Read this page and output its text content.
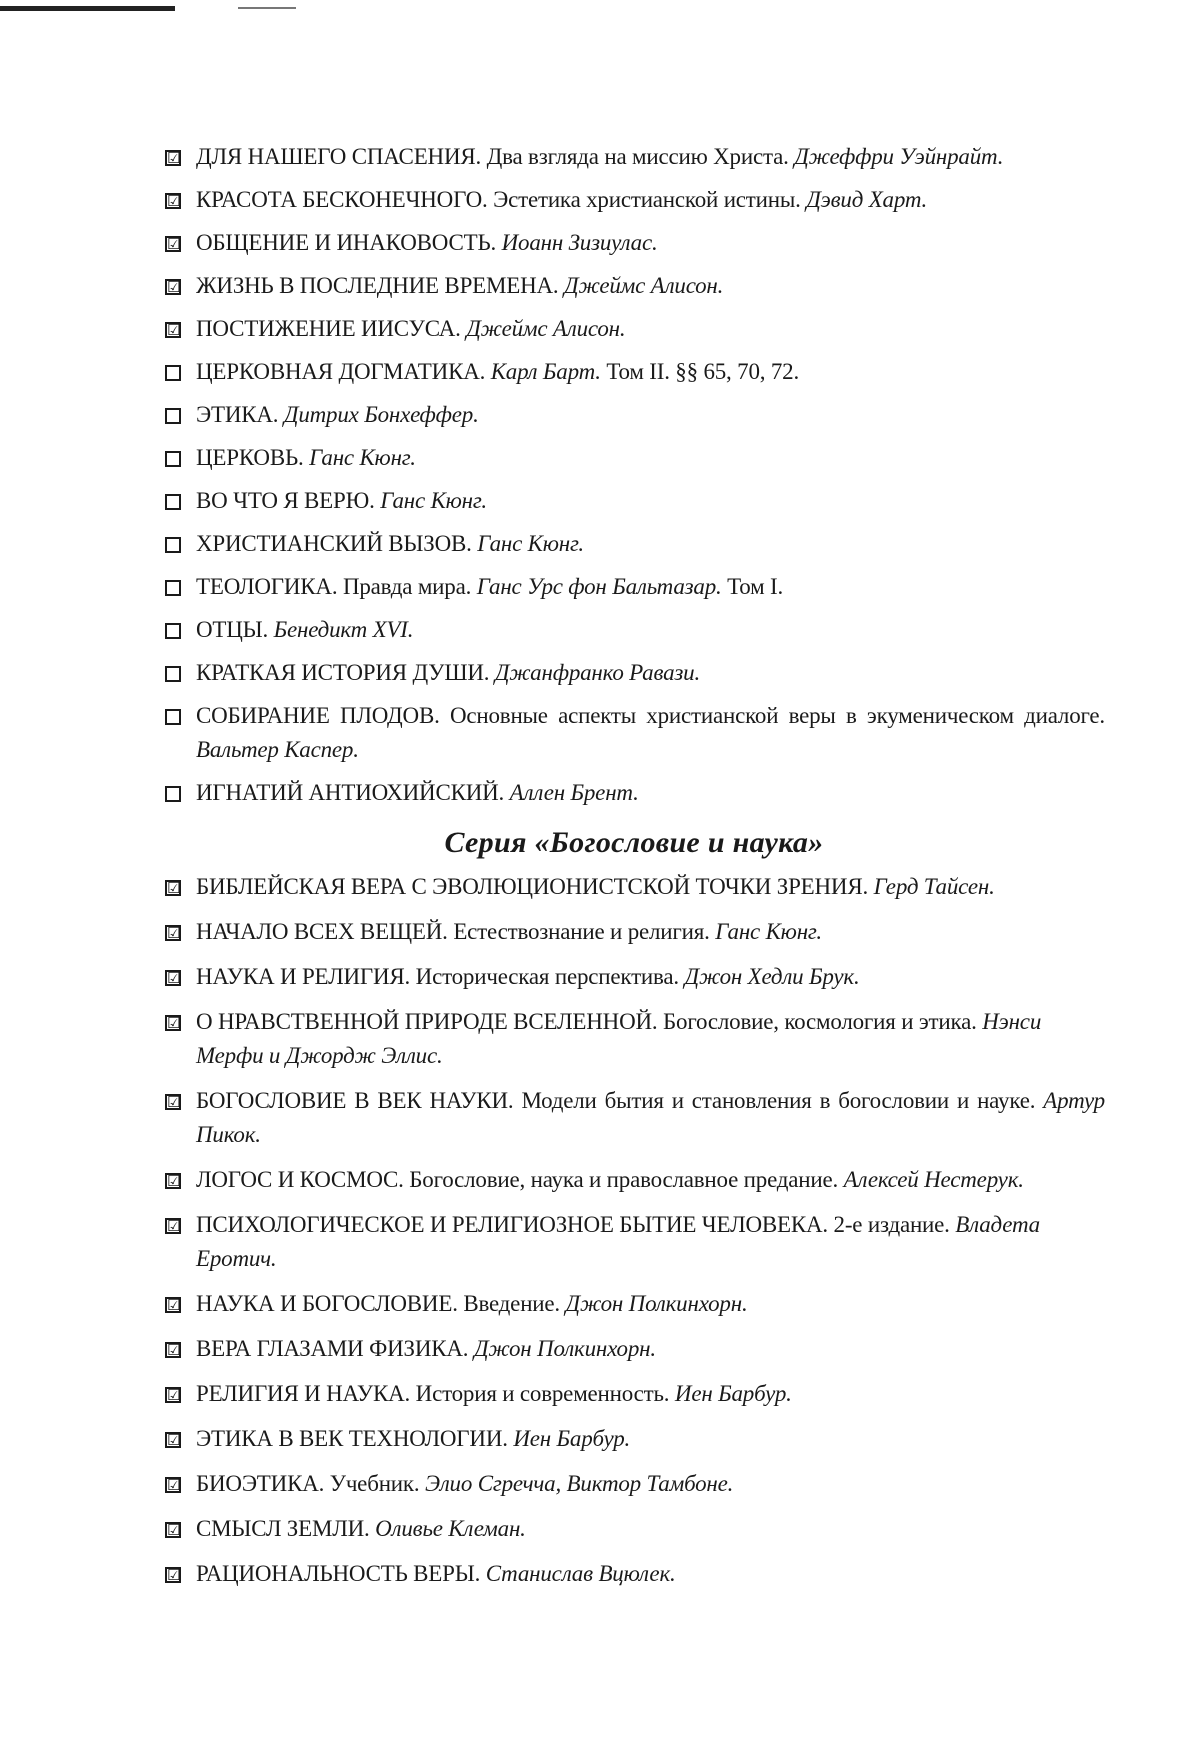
☑ ДЛЯ НАШЕГО СПАСЕНИЯ. Два взгляда на миссию Христа. Джеффри Уэйнрайт.
☑ КРАСОТА БЕСКОНЕЧНОГО. Эстетика христианской истины. Дэвид Харт.
☑ ОБЩЕНИЕ И ИНАКОВОСТЬ. Иоанн Зизиулас.
☑ ЖИЗНЬ В ПОСЛЕДНИЕ ВРЕМЕНА. Джеймс Алисон.
☑ ПОСТИЖЕНИЕ ИИСУСА. Джеймс Алисон.
ЦЕРКОВНАЯ ДОГМАТИКА. Карл Барт. Том II. §§ 65, 70, 72.
ЭТИКА. Дитрих Бонхеффер.
ЦЕРКОВЬ. Ганс Кюнг.
ВО ЧТО Я ВЕРЮ. Ганс Кюнг.
ХРИСТИАНСКИЙ ВЫЗОВ. Ганс Кюнг.
ТЕОЛОГИКА. Правда мира. Ганс Урс фон Бальтазар. Том I.
ОТЦЫ. Бенедикт XVI.
КРАТКАЯ ИСТОРИЯ ДУШИ. Джанфранко Равази.
СОБИРАНИЕ ПЛОДОВ. Основные аспекты христианской веры в экуменическом диалоге. Вальтер Каспер.
ИГНАТИЙ АНТИОХИЙСКИЙ. Аллен Брент.
Серия «Богословие и наука»
☑ БИБЛЕЙСКАЯ ВЕРА С ЭВОЛЮЦИОНИСТСКОЙ ТОЧКИ ЗРЕНИЯ. Герд Тайсен.
☑ НАЧАЛО ВСЕХ ВЕЩЕЙ. Естествознание и религия. Ганс Кюнг.
☑ НАУКА И РЕЛИГИЯ. Историческая перспектива. Джон Хедли Брук.
☑ О НРАВСТВЕННОЙ ПРИРОДЕ ВСЕЛЕННОЙ. Богословие, космология и этика. Нэнси Мерфи и Джордж Эллис.
☑ БОГОСЛОВИЕ В ВЕК НАУКИ. Модели бытия и становления в богословии и науке. Артур Пикок.
☑ ЛОГОС И КОСМОС. Богословие, наука и православное предание. Алексей Нестерук.
☑ ПСИХОЛОГИЧЕСКОЕ И РЕЛИГИОЗНОЕ БЫТИЕ ЧЕЛОВЕКА. 2-е издание. Владета Еротич.
☑ НАУКА И БОГОСЛОВИЕ. Введение. Джон Полкинхорн.
☑ ВЕРА ГЛАЗАМИ ФИЗИКА. Джон Полкинхорн.
☑ РЕЛИГИЯ И НАУКА. История и современность. Иен Барбур.
☑ ЭТИКА В ВЕК ТЕХНОЛОГИИ. Иен Барбур.
☑ БИОЭТИКА. Учебник. Элио Сгречча, Виктор Тамбоне.
☑ СМЫСЛ ЗЕМЛИ. Оливье Клеман.
☑ РАЦИОНАЛЬНОСТЬ ВЕРЫ. Станислав Вцюлек.
